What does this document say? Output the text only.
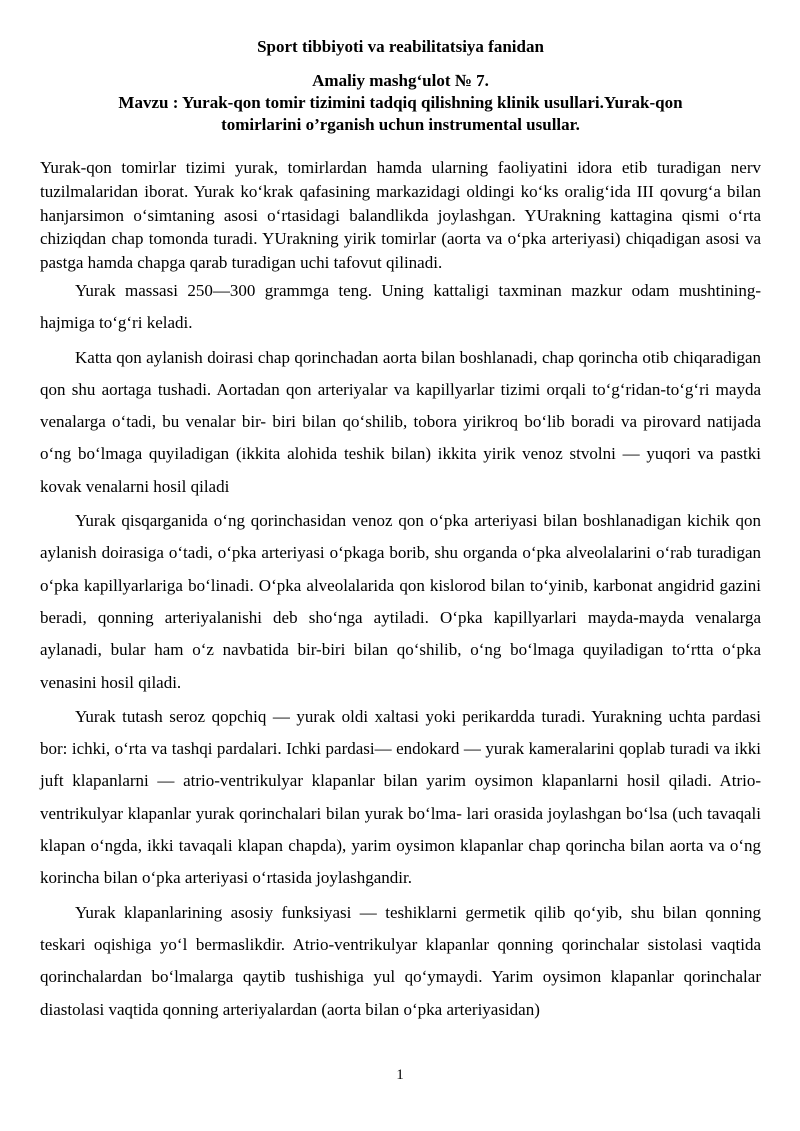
Sport tibbiyoti va reabilitatsiya fanidan

Amaliy mashg‘ulot № 7.

Mavzu : Yurak-qon tomir tizimini tadqiq qilishning klinik usullari.Yurak-qon
tomirlarini o’rganish uchun instrumental usullar.

Yurak-qon tomirlar tizimi yurak, tomirlardan hamda ularning faoliyatini idora etib turadigan nerv tuzilmalaridan iborat. Yurak ko‘krak qafasining markazidagi oldingi ko‘ks oralig‘ida III qovurg‘a bilan hanjarsimon o‘simtaning asosi o‘rtasidagi balandlikda joylashgan. YUrakning kattagina qismi o‘rta chiziqdan chap tomonda turadi. YUrakning yirik tomirlar (aorta va o‘pka arteriyasi) chiqadigan asosi va pastga hamda chapga qarab turadigan uchi tafovut qilinadi.

Yurak massasi 250—300 grammga teng. Uning kattaligi taxminan mazkur odam mushtining-hajmiga to‘g‘ri keladi.

Katta qon aylanish doirasi chap qorinchadan aorta bilan boshlanadi, chap qorincha otib chiqaradigan qon shu aortaga tushadi. Aortadan qon arteriyalar va kapillyarlar tizimi orqali to‘g‘ridan-to‘g‘ri mayda venalarga o‘tadi, bu venalar bir- biri bilan qo‘shilib, tobora yirikroq bo‘lib boradi va pirovard natijada o‘ng bo‘lmaga quyiladigan (ikkita alohida teshik bilan) ikkita yirik venoz stvolni — yuqori va pastki kovak venalarni hosil qiladi

Yurak qisqarganida o‘ng qorinchasidan venoz qon o‘pka arteriyasi bilan boshlanadigan kichik qon aylanish doirasiga o‘tadi, o‘pka arteriyasi o‘pkaga borib, shu organda o‘pka alveolalarini o‘rab turadigan o‘pka kapillyarlariga bo‘linadi. O‘pka alveolalarida qon kislorod bilan to‘yinib, karbonat angidrid gazini beradi, qonning arteriyalanishi deb sho‘nga aytiladi. O‘pka kapillyarlari mayda-mayda venalarga aylanadi, bular ham o‘z navbatida bir-biri bilan qo‘shilib, o‘ng bo‘lmaga quyiladigan to‘rtta o‘pka venasini hosil qiladi.

Yurak tutash seroz qopchiq — yurak oldi xaltasi yoki perikardda turadi. Yurakning uchta pardasi bor: ichki, o‘rta va tashqi pardalari. Ichki pardasi— endokard — yurak kameralarini qoplab turadi va ikki juft klapanlarni — atrio-ventrikulyar klapanlar bilan yarim oysimon klapanlarni hosil qiladi. Atrio-ventrikulyar klapanlar yurak qorinchalari bilan yurak bo‘lma- lari orasida joylashgan bo‘lsa (uch tavaqali klapan o‘ngda, ikki tavaqali klapan chapda), yarim oysimon klapanlar chap qorincha bilan aorta va o‘ng korincha bilan o‘pka arteriyasi o‘rtasida joylashgandir.

Yurak klapanlarining asosiy funksiyasi — teshiklarni germetik qilib qo‘yib, shu bilan qonning teskari oqishiga yo‘l bermaslikdir. Atrio-ventrikulyar klapanlar qonning qorinchalar sistolasi vaqtida qorinchalardan bo‘lmalarga qaytib tushishiga yul qo‘ymaydi. Yarim oysimon klapanlar qorinchalar diastolasi vaqtida qonning arteriyalardan (aorta bilan o‘pka arteriyasidan)

1
